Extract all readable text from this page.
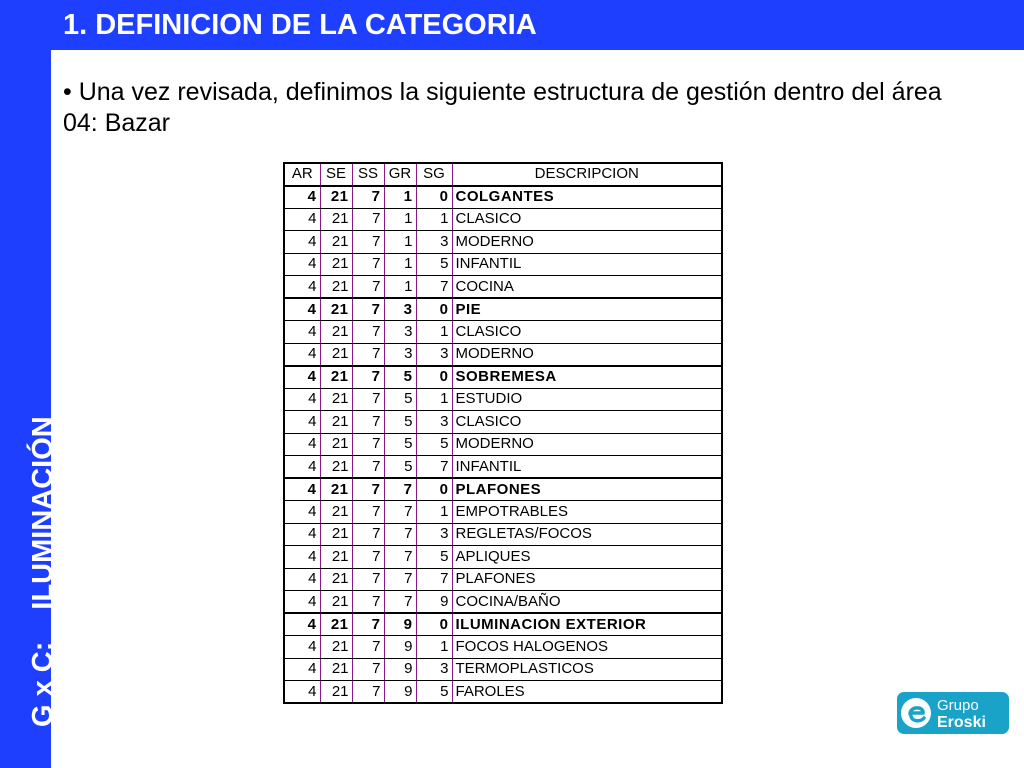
G x C:ILUMINACIÓN
1. DEFINICION DE LA CATEGORIA

• Una vez revisada, definimos la siguiente estructura de gestión dentro del área 04: Bazar

AR	SE	SS	GR	SG	DESCRIPCION
4	21	7	1	0	COLGANTES
4	21	7	1	1	CLASICO
4	21	7	1	3	MODERNO
4	21	7	1	5	INFANTIL
4	21	7	1	7	COCINA
4	21	7	3	0	PIE
4	21	7	3	1	CLASICO
4	21	7	3	3	MODERNO
4	21	7	5	0	SOBREMESA
4	21	7	5	1	ESTUDIO
4	21	7	5	3	CLASICO
4	21	7	5	5	MODERNO
4	21	7	5	7	INFANTIL
4	21	7	7	0	PLAFONES
4	21	7	7	1	EMPOTRABLES
4	21	7	7	3	REGLETAS/FOCOS
4	21	7	7	5	APLIQUES
4	21	7	7	7	PLAFONES
4	21	7	7	9	COCINA/BAÑO
4	21	7	9	0	ILUMINACION EXTERIOR
4	21	7	9	1	FOCOS HALOGENOS
4	21	7	9	3	TERMOPLASTICOS
4	21	7	9	5	FAROLES
Grupo
Eroski
